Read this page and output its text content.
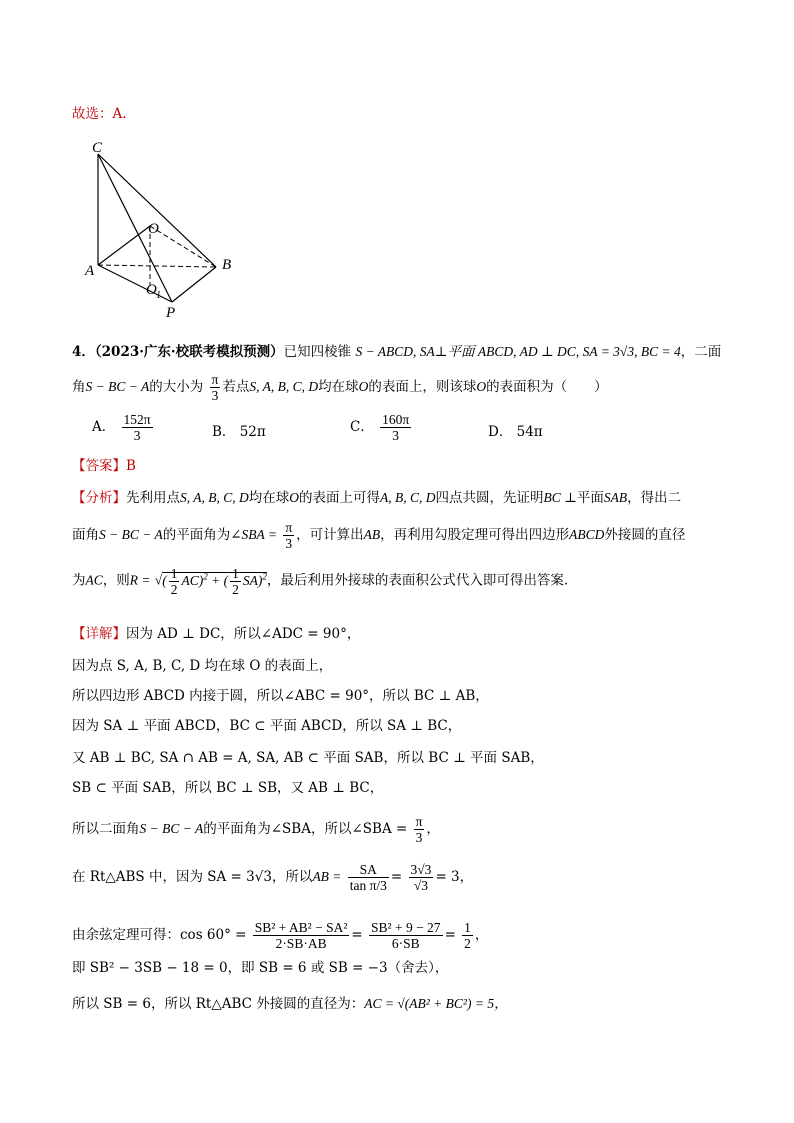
故选：A.
C
O
A	B
O 1
P
4．（2023·广东·校联考模拟预测）已知四棱锥 S − ABCD, SA⊥平面 ABCD, AD ⊥ DC, SA = 3√3, BC = 4，二面
角S − BC − A的大小为 $\frac{\pi}{3}$ 若点S, A, B, C, D均在球O的表面上，则该球O的表面积为（　　）
A． $\frac{152\pi}{3}$	B． 52π	C． $\frac{160\pi}{3}$	D． 54π
【答案】B
【分析】先利用点S, A, B, C, D均在球O的表面上可得A, B, C, D四点共圆，先证明BC ⊥平面SAB，得出二
面角S − BC − A的平面角为∠SBA = $\frac{\pi}{3}$ ，可计算出AB，再利用勾股定理可得出四边形ABCD外接圆的直径
为AC，则R = √( $\frac{1}{2} AC)^2$ + ( $\frac{1}{2} SA)^2$，最后利用外接球的表面积公式代入即可得出答案.
【详解】因为 AD ⊥ DC，所以∠ADC = 90°，
因为点 S, A, B, C, D 均在球 O 的表面上，
所以四边形 ABCD 内接于圆，所以∠ABC = 90°，所以 BC ⊥ AB，
因为 SA ⊥ 平面 ABCD，BC ⊂ 平面 ABCD，所以 SA ⊥ BC，
又 AB ⊥ BC, SA ∩ AB = A, SA, AB ⊂ 平面 SAB，所以 BC ⊥ 平面 SAB，
SB ⊂ 平面 SAB，所以 BC ⊥ SB，又 AB ⊥ BC，
所以二面角S − BC − A的平面角为∠SBA，所以∠SBA = $\frac{\pi}{3}$ ，
在 Rt△ABS 中，因为 SA = 3√3，所以AB = $\frac{SA}{\text{tan π/3}} = \frac{3√3}{√3} = 3$，
由余弦定理可得：$\cos 60^\circ = \frac{\text{SB² + AB² − SA²}}{2\cdot SB\cdot AB} = \frac{\text{SB² + 9 − 27}}{6\cdot SB} = \frac{1}{2}$ ，
即 SB² − 3SB − 18 = 0，即 SB = 6 或 SB = −3（舍去），
所以 SB = 6，所以 Rt△ABC 外接圆的直径为：AC = √(AB² + BC²) = 5，
